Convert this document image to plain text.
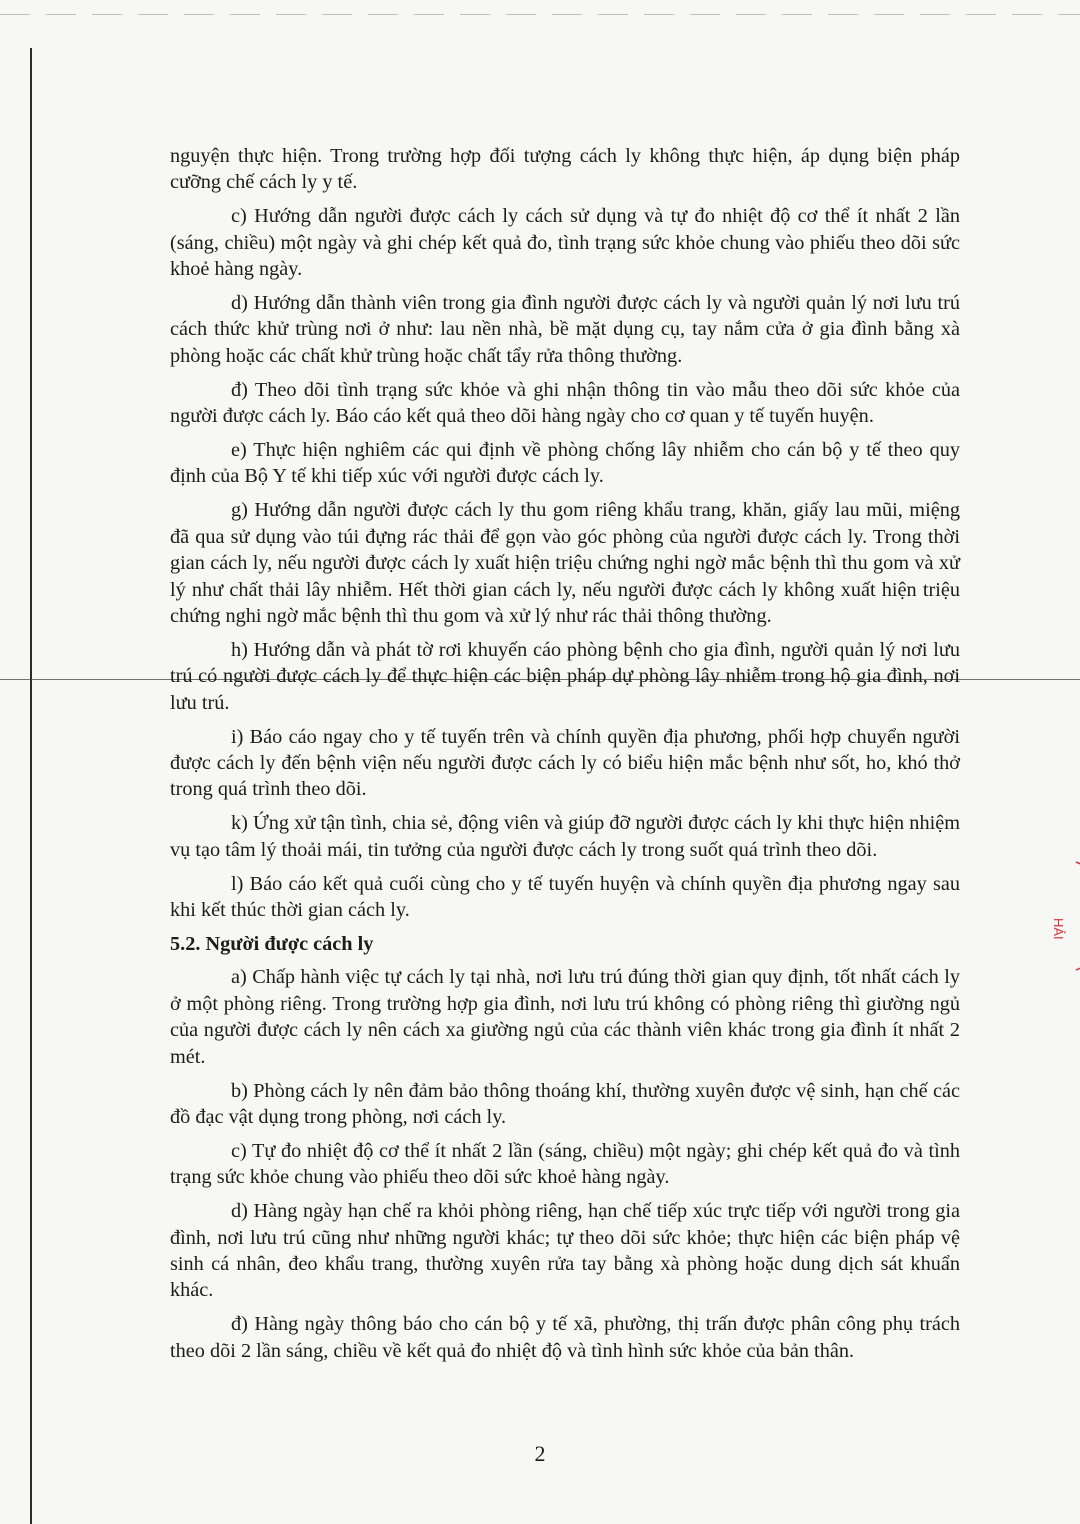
nguyện thực hiện. Trong trường hợp đối tượng cách ly không thực hiện, áp dụng biện pháp cưỡng chế cách ly y tế.

c) Hướng dẫn người được cách ly cách sử dụng và tự đo nhiệt độ cơ thể ít nhất 2 lần (sáng, chiều) một ngày và ghi chép kết quả đo, tình trạng sức khỏe chung vào phiếu theo dõi sức khoẻ hàng ngày.

d) Hướng dẫn thành viên trong gia đình người được cách ly và người quản lý nơi lưu trú cách thức khử trùng nơi ở như: lau nền nhà, bề mặt dụng cụ, tay nắm cửa ở gia đình bằng xà phòng hoặc các chất khử trùng hoặc chất tẩy rửa thông thường.

đ) Theo dõi tình trạng sức khỏe và ghi nhận thông tin vào mẫu theo dõi sức khỏe của người được cách ly. Báo cáo kết quả theo dõi hàng ngày cho cơ quan y tế tuyến huyện.

e) Thực hiện nghiêm các qui định về phòng chống lây nhiễm cho cán bộ y tế theo quy định của Bộ Y tế khi tiếp xúc với người được cách ly.

g) Hướng dẫn người được cách ly thu gom riêng khẩu trang, khăn, giấy lau mũi, miệng đã qua sử dụng vào túi đựng rác thải để gọn vào góc phòng của người được cách ly. Trong thời gian cách ly, nếu người được cách ly xuất hiện triệu chứng nghi ngờ mắc bệnh thì thu gom và xử lý như chất thải lây nhiễm. Hết thời gian cách ly, nếu người được cách ly không xuất hiện triệu chứng nghi ngờ mắc bệnh thì thu gom và xử lý như rác thải thông thường.

h) Hướng dẫn và phát tờ rơi khuyến cáo phòng bệnh cho gia đình, người quản lý nơi lưu trú có người được cách ly để thực hiện các biện pháp dự phòng lây nhiễm trong hộ gia đình, nơi lưu trú.

i) Báo cáo ngay cho y tế tuyến trên và chính quyền địa phương, phối hợp chuyển người được cách ly đến bệnh viện nếu người được cách ly có biểu hiện mắc bệnh như sốt, ho, khó thở trong quá trình theo dõi.

k) Ứng xử tận tình, chia sẻ, động viên và giúp đỡ người được cách ly khi thực hiện nhiệm vụ tạo tâm lý thoải mái, tin tưởng của người được cách ly trong suốt quá trình theo dõi.

l) Báo cáo kết quả cuối cùng cho y tế tuyến huyện và chính quyền địa phương ngay sau khi kết thúc thời gian cách ly.

5.2. Người được cách ly

a) Chấp hành việc tự cách ly tại nhà, nơi lưu trú đúng thời gian quy định, tốt nhất cách ly ở một phòng riêng. Trong trường hợp gia đình, nơi lưu trú không có phòng riêng thì giường ngủ của người được cách ly nên cách xa giường ngủ của các thành viên khác trong gia đình ít nhất 2 mét.

b) Phòng cách ly nên đảm bảo thông thoáng khí, thường xuyên được vệ sinh, hạn chế các đồ đạc vật dụng trong phòng, nơi cách ly.

c) Tự đo nhiệt độ cơ thể ít nhất 2 lần (sáng, chiều) một ngày; ghi chép kết quả đo và tình trạng sức khỏe chung vào phiếu theo dõi sức khoẻ hàng ngày.

d) Hàng ngày hạn chế ra khỏi phòng riêng, hạn chế tiếp xúc trực tiếp với người trong gia đình, nơi lưu trú cũng như những người khác; tự theo dõi sức khỏe; thực hiện các biện pháp vệ sinh cá nhân, đeo khẩu trang, thường xuyên rửa tay bằng xà phòng hoặc dung dịch sát khuẩn khác.

đ) Hàng ngày thông báo cho cán bộ y tế xã, phường, thị trấn được phân công phụ trách theo dõi 2 lần sáng, chiều về kết quả đo nhiệt độ và tình hình sức khỏe của bản thân.

2
HẢI
